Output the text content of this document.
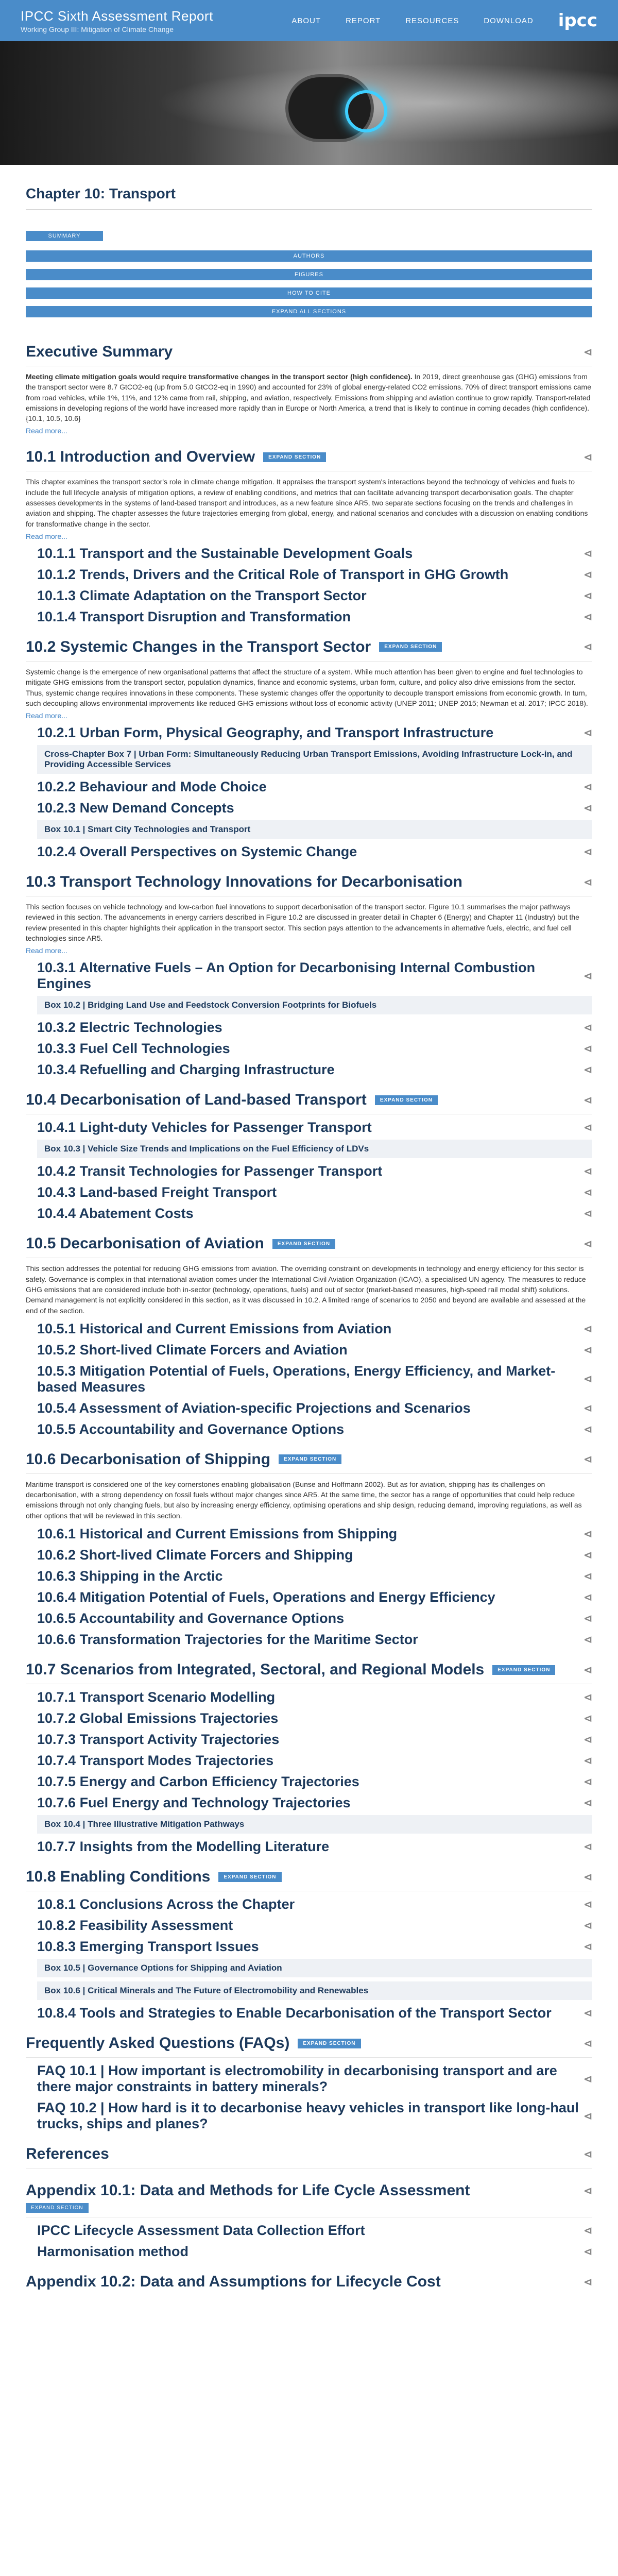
IPCC Sixth Assessment Report
Working Group III: Mitigation of Climate Change
ABOUT	REPORT	RESOURCES	DOWNLOAD ipcc
Chapter 10: Transport
SUMMARY
AUTHORS
FIGURES
HOW TO CITE
EXPAND ALL SECTIONS
Executive Summary	⊲
Meeting climate mitigation goals would require transformative changes in the transport sector (high confidence). In 2019, direct greenhouse gas (GHG) emissions from the transport sector were 8.7 GtCO2-eq (up from 5.0 GtCO2-eq in 1990) and accounted for 23% of global energy-related CO2 emissions. 70% of direct transport emissions came from road vehicles, while 1%, 11%, and 12% came from rail, shipping, and aviation, respectively. Emissions from shipping and aviation continue to grow rapidly. Transport-related emissions in developing regions of the world have increased more rapidly than in Europe or North America, a trend that is likely to continue in coming decades (high confidence). {10.1, 10.5, 10.6}
Read more...
10.1 Introduction and Overview	EXPAND SECTION	⊲
This chapter examines the transport sector's role in climate change mitigation. It appraises the transport system's interactions beyond the technology of vehicles and fuels to include the full lifecycle analysis of mitigation options, a review of enabling conditions, and metrics that can facilitate advancing transport decarbonisation goals. The chapter assesses developments in the systems of land-based transport and introduces, as a new feature since AR5, two separate sections focusing on the trends and challenges in aviation and shipping. The chapter assesses the future trajectories emerging from global, energy, and national scenarios and concludes with a discussion on enabling conditions for transformative change in the sector.
Read more...
10.1.1 Transport and the Sustainable Development Goals	⊲
10.1.2 Trends, Drivers and the Critical Role of Transport in GHG Growth	⊲
10.1.3 Climate Adaptation on the Transport Sector	⊲
10.1.4 Transport Disruption and Transformation	⊲
10.2 Systemic Changes in the Transport Sector	EXPAND SECTION	⊲
Systemic change is the emergence of new organisational patterns that affect the structure of a system. While much attention has been given to engine and fuel technologies to mitigate GHG emissions from the transport sector, population dynamics, finance and economic systems, urban form, culture, and policy also drive emissions from the sector. Thus, systemic change requires innovations in these components. These systemic changes offer the opportunity to decouple transport emissions from economic growth. In turn, such decoupling allows environmental improvements like reduced GHG emissions without loss of economic activity (UNEP 2011; UNEP 2015; Newman et al. 2017; IPCC 2018).
Read more...
10.2.1 Urban Form, Physical Geography, and Transport Infrastructure	⊲
Cross-Chapter Box 7 | Urban Form: Simultaneously Reducing Urban Transport Emissions, Avoiding Infrastructure Lock-in, and Providing Accessible Services
10.2.2 Behaviour and Mode Choice	⊲
10.2.3 New Demand Concepts	⊲
Box 10.1 | Smart City Technologies and Transport
10.2.4 Overall Perspectives on Systemic Change	⊲
10.3 Transport Technology Innovations for Decarbonisation	⊲
This section focuses on vehicle technology and low-carbon fuel innovations to support decarbonisation of the transport sector. Figure 10.1 summarises the major pathways reviewed in this section. The advancements in energy carriers described in Figure 10.2 are discussed in greater detail in Chapter 6 (Energy) and Chapter 11 (Industry) but the review presented in this chapter highlights their application in the transport sector. This section pays attention to the advancements in alternative fuels, electric, and fuel cell technologies since AR5.
Read more...
10.3.1 Alternative Fuels – An Option for Decarbonising Internal Combustion Engines	⊲
Box 10.2 | Bridging Land Use and Feedstock Conversion Footprints for Biofuels
10.3.2 Electric Technologies	⊲
10.3.3 Fuel Cell Technologies	⊲
10.3.4 Refuelling and Charging Infrastructure	⊲
10.4 Decarbonisation of Land-based Transport	EXPAND SECTION	⊲
10.4.1 Light-duty Vehicles for Passenger Transport	⊲
Box 10.3 | Vehicle Size Trends and Implications on the Fuel Efficiency of LDVs
10.4.2 Transit Technologies for Passenger Transport	⊲
10.4.3 Land-based Freight Transport	⊲
10.4.4 Abatement Costs	⊲
10.5 Decarbonisation of Aviation	EXPAND SECTION	⊲
This section addresses the potential for reducing GHG emissions from aviation. The overriding constraint on developments in technology and energy efficiency for this sector is safety. Governance is complex in that international aviation comes under the International Civil Aviation Organization (ICAO), a specialised UN agency. The measures to reduce GHG emissions that are considered include both in-sector (technology, operations, fuels) and out of sector (market-based measures, high-speed rail modal shift) solutions. Demand management is not explicitly considered in this section, as it was discussed in 10.2. A limited range of scenarios to 2050 and beyond are available and assessed at the end of the section.
10.5.1 Historical and Current Emissions from Aviation	⊲
10.5.2 Short-lived Climate Forcers and Aviation	⊲
10.5.3 Mitigation Potential of Fuels, Operations, Energy Efficiency, and Market-based Measures	⊲
10.5.4 Assessment of Aviation-specific Projections and Scenarios	⊲
10.5.5 Accountability and Governance Options	⊲
10.6 Decarbonisation of Shipping	EXPAND SECTION	⊲
Maritime transport is considered one of the key cornerstones enabling globalisation (Bunse and Hoffmann 2002). But as for aviation, shipping has its challenges on decarbonisation, with a strong dependency on fossil fuels without major changes since AR5. At the same time, the sector has a range of opportunities that could help reduce emissions through not only changing fuels, but also by increasing energy efficiency, optimising operations and ship design, reducing demand, improving regulations, as well as other options that will be reviewed in this section.
10.6.1 Historical and Current Emissions from Shipping	⊲
10.6.2 Short-lived Climate Forcers and Shipping	⊲
10.6.3 Shipping in the Arctic	⊲
10.6.4 Mitigation Potential of Fuels, Operations and Energy Efficiency	⊲
10.6.5 Accountability and Governance Options	⊲
10.6.6 Transformation Trajectories for the Maritime Sector	⊲
10.7 Scenarios from Integrated, Sectoral, and Regional Models	EXPAND SECTION	⊲
10.7.1 Transport Scenario Modelling	⊲
10.7.2 Global Emissions Trajectories	⊲
10.7.3 Transport Activity Trajectories	⊲
10.7.4 Transport Modes Trajectories	⊲
10.7.5 Energy and Carbon Efficiency Trajectories	⊲
10.7.6 Fuel Energy and Technology Trajectories	⊲
Box 10.4 | Three Illustrative Mitigation Pathways
10.7.7 Insights from the Modelling Literature	⊲
10.8 Enabling Conditions	EXPAND SECTION	⊲
10.8.1 Conclusions Across the Chapter	⊲
10.8.2 Feasibility Assessment	⊲
10.8.3 Emerging Transport Issues	⊲
Box 10.5 | Governance Options for Shipping and Aviation
Box 10.6 | Critical Minerals and The Future of Electromobility and Renewables
10.8.4 Tools and Strategies to Enable Decarbonisation of the Transport Sector	⊲
Frequently Asked Questions (FAQs)	EXPAND SECTION	⊲
FAQ 10.1 | How important is electromobility in decarbonising transport and are there major constraints in battery minerals?	⊲
FAQ 10.2 | How hard is it to decarbonise heavy vehicles in transport like long-haul trucks, ships and planes?	⊲
References	⊲
Appendix 10.1: Data and Methods for Life Cycle Assessment	⊲
EXPAND SECTION
IPCC Lifecycle Assessment Data Collection Effort	⊲
Harmonisation method	⊲
Appendix 10.2: Data and Assumptions for Lifecycle Cost	⊲
